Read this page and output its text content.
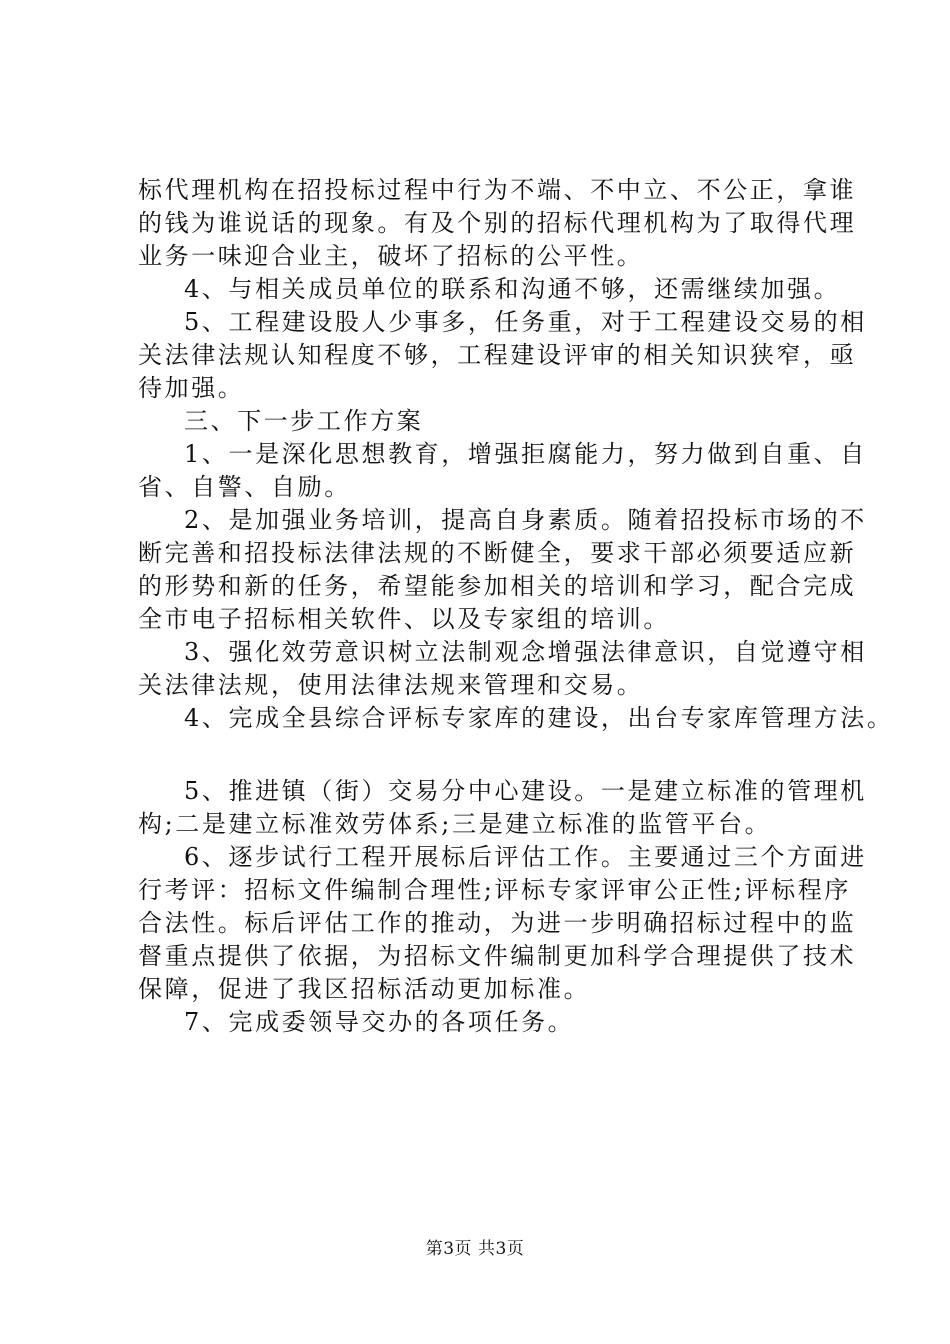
标代理机构在招投标过程中行为不端、不中立、不公正，拿谁
的钱为谁说话的现象。有及个别的招标代理机构为了取得代理
业务一味迎合业主，破坏了招标的公平性。
4、与相关成员单位的联系和沟通不够，还需继续加强。
5、工程建设股人少事多，任务重，对于工程建设交易的相
关法律法规认知程度不够，工程建设评审的相关知识狭窄，亟
待加强。
三、下一步工作方案
1、一是深化思想教育，增强拒腐能力，努力做到自重、自
省、自警、自励。
2、是加强业务培训，提高自身素质。随着招投标市场的不
断完善和招投标法律法规的不断健全，要求干部必须要适应新
的形势和新的任务，希望能参加相关的培训和学习，配合完成
全市电子招标相关软件、以及专家组的培训。
3、强化效劳意识树立法制观念增强法律意识，自觉遵守相
关法律法规，使用法律法规来管理和交易。
4、完成全县综合评标专家库的建设，出台专家库管理方法。
5、推进镇（街）交易分中心建设。一是建立标准的管理机
构;二是建立标准效劳体系;三是建立标准的监管平台。
6、逐步试行工程开展标后评估工作。主要通过三个方面进
行考评：招标文件编制合理性;评标专家评审公正性;评标程序
合法性。标后评估工作的推动，为进一步明确招标过程中的监
督重点提供了依据，为招标文件编制更加科学合理提供了技术
保障，促进了我区招标活动更加标准。
7、完成委领导交办的各项任务。
第3页 共3页
